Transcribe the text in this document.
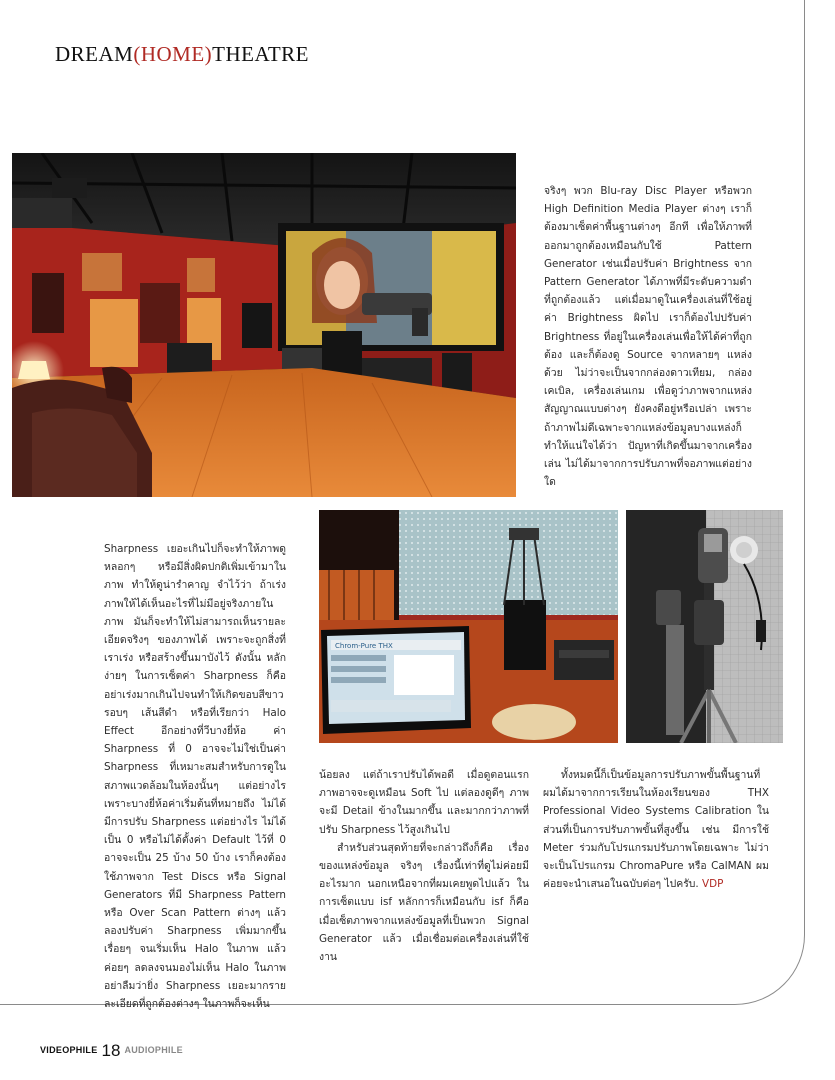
DREAM(HOME)THEATRE
Chrom‐Pure THX

จริงๆ พวก Blu-ray Disc Player หรือพวก High Definition Media Player ต่างๆ เราก็ต้องมาเซ็ตค่าพื้นฐานต่างๆ อีกที เพื่อให้ภาพที่ออกมาถูกต้องเหมือนกับใช้ Pattern Generator เช่นเมื่อปรับค่า Brightness จาก Pattern Generator ได้ภาพที่มีระดับความดำที่ถูกต้องแล้ว แต่เมื่อมาดูในเครื่องเล่นที่ใช้อยู่ ค่า Brightness ผิดไป เราก็ต้องไปปรับค่า Brightness ที่อยู่ในเครื่องเล่นเพื่อให้ได้ค่าที่ถูกต้อง และก็ต้องดู Source จากหลายๆ แหล่งด้วย ไม่ว่าจะเป็นจากกล่องดาวเทียม, กล่องเคเบิล, เครื่องเล่นเกม เพื่อดูว่าภาพจากแหล่งสัญญาณแบบต่างๆ ยังคงดีอยู่หรือเปล่า เพราะถ้าภาพไม่ดีเฉพาะจากแหล่งข้อมูลบางแหล่งก็ทำให้แน่ใจได้ว่า ปัญหาที่เกิดขึ้นมาจากเครื่องเล่น ไม่ได้มาจากการปรับภาพที่จอภาพแต่อย่างใด

Sharpness เยอะเกินไปก็จะทำให้ภาพดูหลอกๆ หรือมีสิ่งผิดปกติเพิ่มเข้ามาในภาพ ทำให้ดูน่ารำคาญ จำไว้ว่า ถ้าเร่งภาพให้ได้เห็นอะไรที่ไม่มีอยู่จริงภายในภาพ มันก็จะทำให้ไม่สามารถเห็นรายละเอียดจริงๆ ของภาพได้ เพราะจะถูกสิ่งที่เราเร่ง หรือสร้างขึ้นมาบังไว้ ดังนั้น หลักง่ายๆ ในการเซ็ตค่า Sharpness ก็คืออย่าเร่งมากเกินไปจนทำให้เกิดขอบสีขาวรอบๆ เส้นสีดำ หรือที่เรียกว่า Halo Effect อีกอย่างที่วีบางยี่ห้อ ค่า Sharpness ที่ 0 อาจจะไม่ใช่เป็นค่า Sharpness ที่เหมาะสมสำหรับการดูในสภาพแวดล้อมในห้องนั้นๆ แต่อย่างไร เพราะบางยี่ห้อค่าเริ่มต้นที่หมายถึง ไม่ได้มีการปรับ Sharpness แต่อย่างไร ไม่ได้เป็น 0 หรือไม่ได้ตั้งค่า Default ไว้ที่ 0 อาจจะเป็น 25 บ้าง 50 บ้าง เราก็คงต้องใช้ภาพจาก Test Discs หรือ Signal Generators ที่มี Sharpness Pattern หรือ Over Scan Pattern ต่างๆ แล้วลองปรับค่า Sharpness เพิ่มมากขึ้นเรื่อยๆ จนเริ่มเห็น Halo ในภาพ แล้วค่อยๆ ลดลงจนมองไม่เห็น Halo ในภาพ อย่าลืมว่ายิ่ง Sharpness เยอะมากรายละเอียดที่ถูกต้องต่างๆ ในภาพก็จะเห็น

น้อยลง แต่ถ้าเราปรับได้พอดี เมื่อดูตอนแรกภาพอาจจะดูเหมือน Soft ไป แต่ลองดูดีๆ ภาพจะมี Detail ข้างในมากขึ้น และมากกว่าภาพที่ปรับ Sharpness ไว้สูงเกินไป

สำหรับส่วนสุดท้ายที่จะกล่าวถึงก็คือ เรื่องของแหล่งข้อมูล จริงๆ เรื่องนี้เท่าที่ดูไม่ค่อยมีอะไรมาก นอกเหนือจากที่ผมเคยพูดไปแล้ว ในการเซ็ตแบบ isf หลักการก็เหมือนกับ isf ก็คือเมื่อเซ็ตภาพจากแหล่งข้อมูลที่เป็นพวก Signal Generator แล้ว เมื่อเชื่อมต่อเครื่องเล่นที่ใช้งาน

ทั้งหมดนี้ก็เป็นข้อมูลการปรับภาพขั้นพื้นฐานที่ผมได้มาจากการเรียนในห้องเรียนของ THX Professional Video Systems Calibration ในส่วนที่เป็นการปรับภาพขั้นที่สูงขึ้น เช่น มีการใช้ Meter ร่วมกับโปรแกรมปรับภาพโดยเฉพาะ ไม่ว่าจะเป็นโปรแกรม ChromaPure หรือ CalMAN ผมค่อยจะนำเสนอในฉบับต่อๆ ไปครับ. VDP

VIDEOPHILE 18 AUDIOPHILE
